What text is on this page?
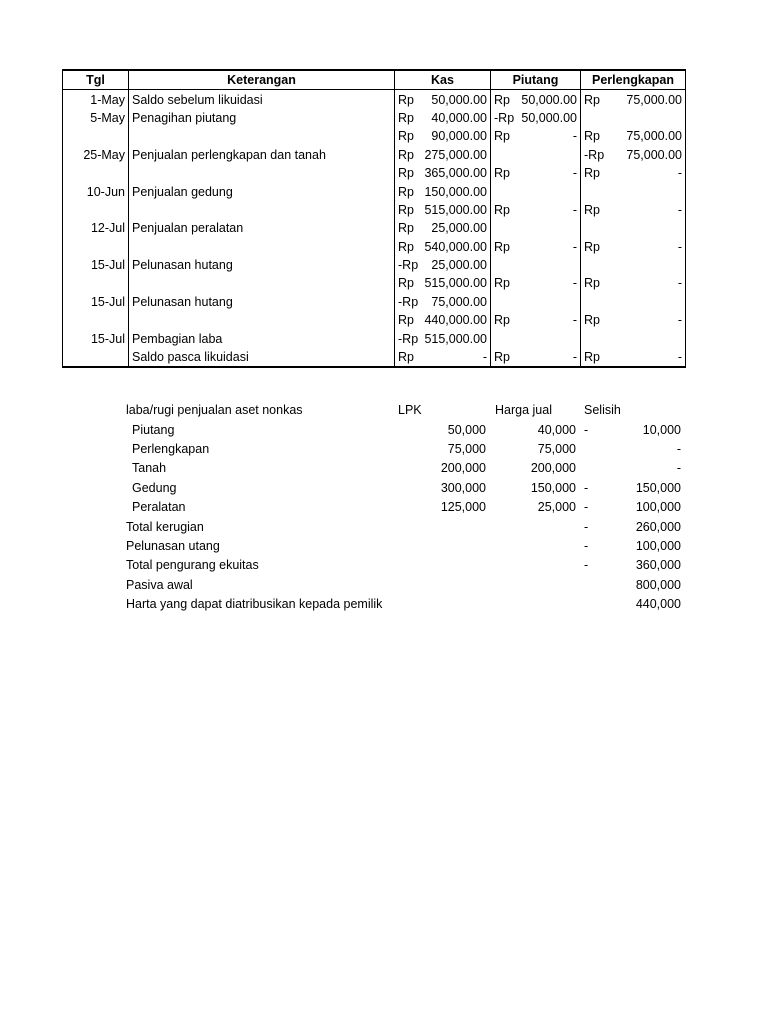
Tgl	Keterangan	Kas	Piutang	Perlengkapan
1-May	Saldo sebelum likuidasi	Rp 50,000.00	Rp 50,000.00	Rp 75,000.00

5-May	Penagihan piutang	Rp 40,000.00	-Rp 50,000.00	

		Rp 90,000.00	Rp -	Rp 75,000.00

25-May	Penjualan perlengkapan dan tanah	Rp 275,000.00		-Rp 75,000.00

		Rp 365,000.00	Rp -	Rp -

10-Jun	Penjualan gedung	Rp 150,000.00		

		Rp 515,000.00	Rp -	Rp -

12-Jul	Penjualan peralatan	Rp 25,000.00		

		Rp 540,000.00	Rp -	Rp -

15-Jul	Pelunasan hutang	-Rp 25,000.00		

		Rp 515,000.00	Rp -	Rp -

15-Jul	Pelunasan hutang	-Rp 75,000.00		

		Rp 440,000.00	Rp -	Rp -

15-Jul	Pembagian laba	-Rp 515,000.00		

	Saldo pasca likuidasi	Rp -	Rp -	Rp -
laba/rugi penjualan aset nonkas	LPK	Harga jual	Selisih
Piutang	50,000	40,000	- 10,000

Perlengkapan	75,000	75,000	-

Tanah	200,000	200,000	-

Gedung	300,000	150,000	- 150,000

Peralatan	125,000	25,000	- 100,000

Total kerugian			- 260,000

Pelunasan utang			- 100,000

Total pengurang ekuitas			- 360,000

Pasiva awal			800,000

Harta yang dapat diatribusikan kepada pemilik			440,000
